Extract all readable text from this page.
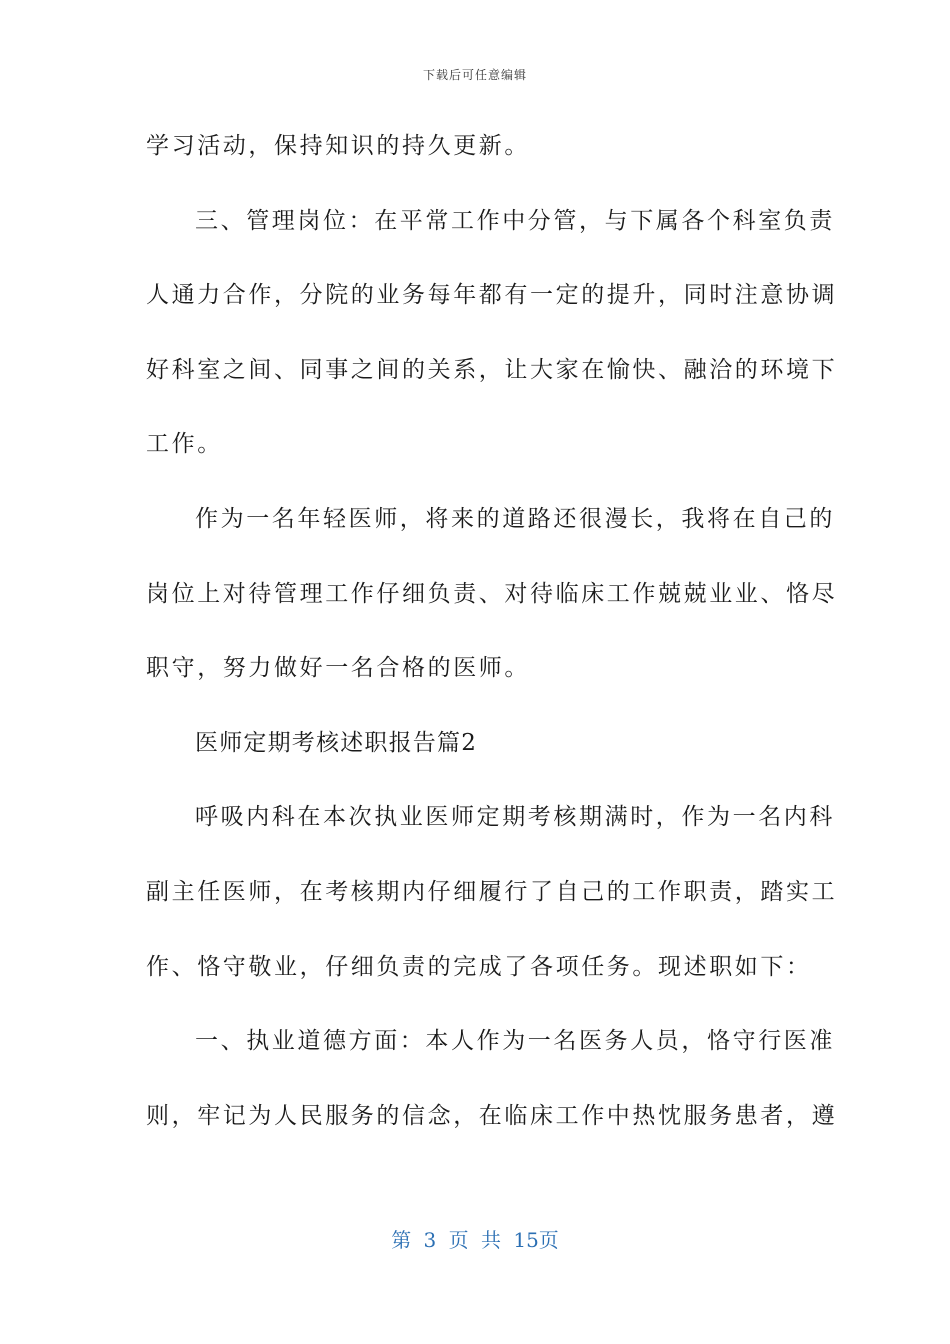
下载后可任意编辑
学习活动，保持知识的持久更新。
三、管理岗位：在平常工作中分管，与下属各个科室负责
人通力合作，分院的业务每年都有一定的提升，同时注意协调
好科室之间、同事之间的关系，让大家在愉快、融洽的环境下
工作。
作为一名年轻医师，将来的道路还很漫长，我将在自己的
岗位上对待管理工作仔细负责、对待临床工作兢兢业业、恪尽
职守，努力做好一名合格的医师。
医师定期考核述职报告篇2
呼吸内科在本次执业医师定期考核期满时，作为一名内科
副主任医师，在考核期内仔细履行了自己的工作职责，踏实工
作、恪守敬业，仔细负责的完成了各项任务。现述职如下：
一、执业道德方面：本人作为一名医务人员，恪守行医准
则，牢记为人民服务的信念，在临床工作中热忱服务患者，遵
第 3 页 共 15页
